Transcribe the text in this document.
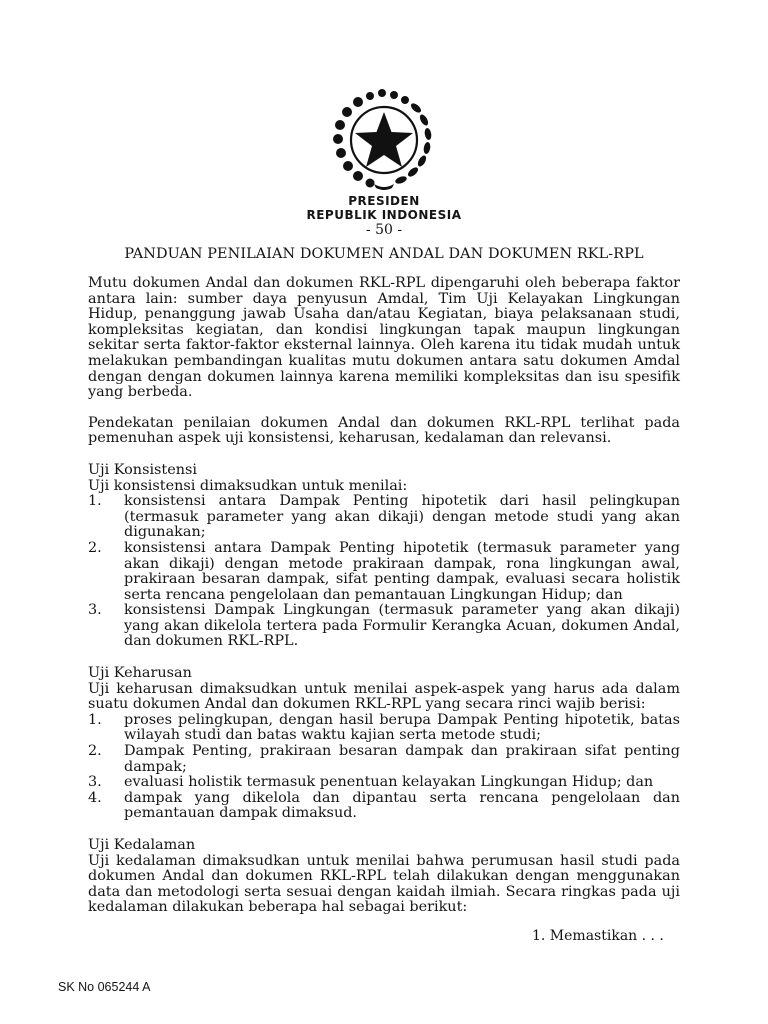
PRESIDEN
REPUBLIK INDONESIA
- 50 -
PANDUAN PENILAIAN DOKUMEN ANDAL DAN DOKUMEN RKL-RPL

Mutu dokumen Andal dan dokumen RKL-RPL dipengaruhi oleh beberapa faktor antara lain: sumber daya penyusun Amdal, Tim Uji Kelayakan Lingkungan Hidup, penanggung jawab Usaha dan/atau Kegiatan, biaya pelaksanaan studi, kompleksitas kegiatan, dan kondisi lingkungan tapak maupun lingkungan sekitar serta faktor-faktor eksternal lainnya. Oleh karena itu tidak mudah untuk melakukan pembandingan kualitas mutu dokumen antara satu dokumen Amdal dengan dengan dokumen lainnya karena memiliki kompleksitas dan isu spesifik yang berbeda.

Pendekatan penilaian dokumen Andal dan dokumen RKL-RPL terlihat pada pemenuhan aspek uji konsistensi, keharusan, kedalaman dan relevansi.

Uji Konsistensi

Uji konsistensi dimaksudkan untuk menilai:

1. konsistensi antara Dampak Penting hipotetik dari hasil pelingkupan (termasuk parameter yang akan dikaji) dengan metode studi yang akan digunakan;
2. konsistensi antara Dampak Penting hipotetik (termasuk parameter yang akan dikaji) dengan metode prakiraan dampak, rona lingkungan awal, prakiraan besaran dampak, sifat penting dampak, evaluasi secara holistik serta rencana pengelolaan dan pemantauan Lingkungan Hidup; dan
3. konsistensi Dampak Lingkungan (termasuk parameter yang akan dikaji) yang akan dikelola tertera pada Formulir Kerangka Acuan, dokumen Andal, dan dokumen RKL-RPL.

Uji Keharusan

Uji keharusan dimaksudkan untuk menilai aspek-aspek yang harus ada dalam suatu dokumen Andal dan dokumen RKL-RPL yang secara rinci wajib berisi:

1. proses pelingkupan, dengan hasil berupa Dampak Penting hipotetik, batas wilayah studi dan batas waktu kajian serta metode studi;
2. Dampak Penting, prakiraan besaran dampak dan prakiraan sifat penting dampak;
3. evaluasi holistik termasuk penentuan kelayakan Lingkungan Hidup; dan
4. dampak yang dikelola dan dipantau serta rencana pengelolaan dan pemantauan dampak dimaksud.

Uji Kedalaman

Uji kedalaman dimaksudkan untuk menilai bahwa perumusan hasil studi pada dokumen Andal dan dokumen RKL-RPL telah dilakukan dengan menggunakan data dan metodologi serta sesuai dengan kaidah ilmiah. Secara ringkas pada uji kedalaman dilakukan beberapa hal sebagai berikut:

1. Memastikan . . .
SK No 065244 A
